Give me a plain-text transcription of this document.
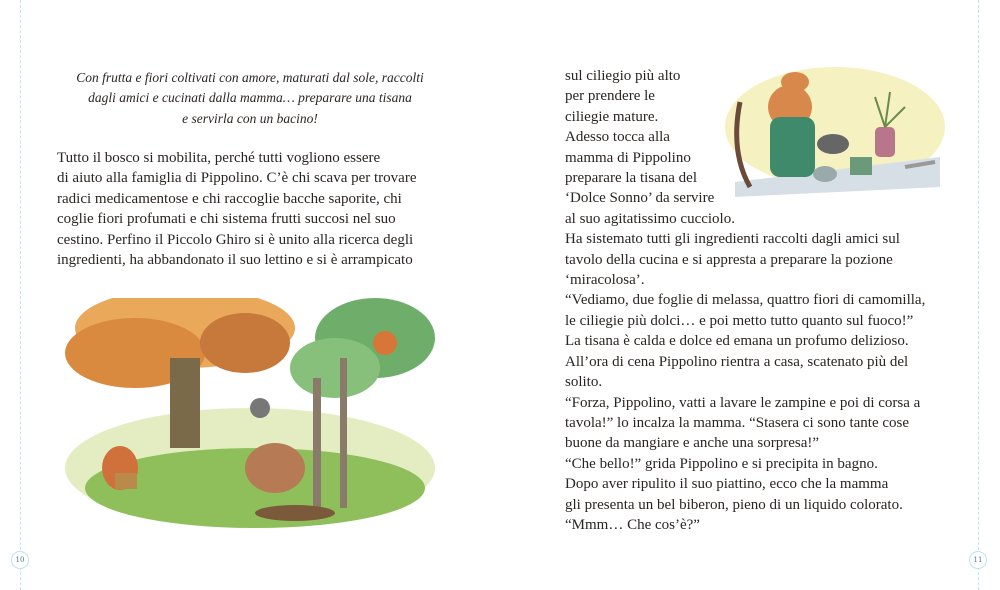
10	11
Con frutta e fiori coltivati con amore, maturati dal sole, raccolti
dagli amici e cucinati dalla mamma… preparare una tisana
e servirla con un bacino!
Tutto il bosco si mobilita, perché tutti vogliono essere
di aiuto alla famiglia di Pippolino. C’è chi scava per trovare
radici medicamentose e chi raccoglie bacche saporite, chi
coglie fiori profumati e chi sistema frutti succosi nel suo
cestino. Perfino il Piccolo Ghiro si è unito alla ricerca degli
ingredienti, ha abbandonato il suo lettino e si è arrampicato
sul ciliegio più alto
per prendere le
ciliegie mature.
Adesso tocca alla
mamma di Pippolino
preparare la tisana del
‘Dolce Sonno’ da servire
al suo agitatissimo cucciolo.
Ha sistemato tutti gli ingredienti raccolti dagli amici sul
tavolo della cucina e si appresta a preparare la pozione
‘miracolosa’.
“Vediamo, due foglie di melassa, quattro fiori di camomilla,
le ciliegie più dolci… e poi metto tutto quanto sul fuoco!”
La tisana è calda e dolce ed emana un profumo delizioso.
All’ora di cena Pippolino rientra a casa, scatenato più del
solito.
“Forza, Pippolino, vatti a lavare le zampine e poi di corsa a
tavola!” lo incalza la mamma. “Stasera ci sono tante cose
buone da mangiare e anche una sorpresa!”
“Che bello!” grida Pippolino e si precipita in bagno.
Dopo aver ripulito il suo piattino, ecco che la mamma
gli presenta un bel biberon, pieno di un liquido colorato.
“Mmm… Che cos’è?”
